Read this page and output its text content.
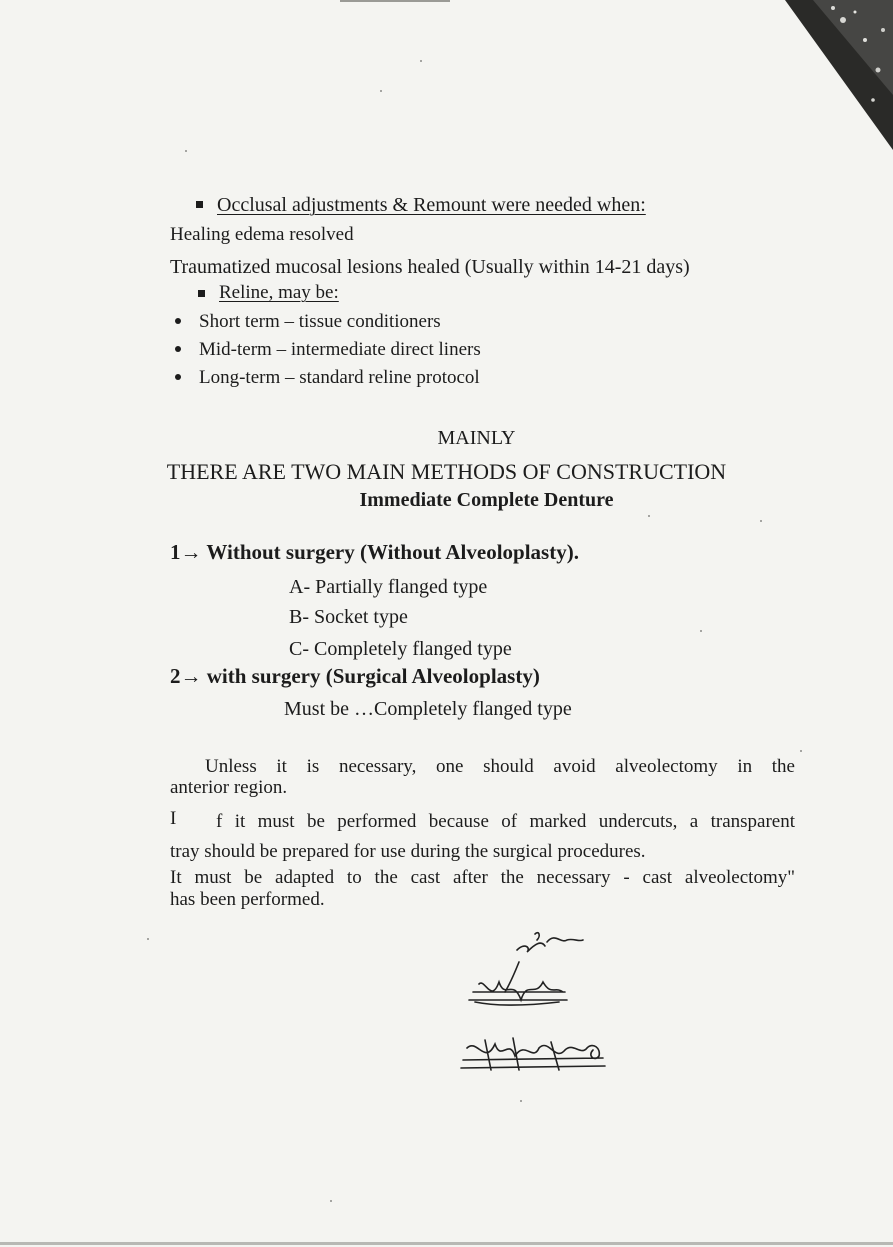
Occlusal adjustments & Remount were needed when:
Healing edema resolved
Traumatized mucosal lesions healed (Usually within 14-21 days)
Reline, may be:
Short term – tissue conditioners
Mid-term – intermediate direct liners
Long-term – standard reline protocol
MAINLY
THERE ARE TWO MAIN METHODS OF CONSTRUCTION
Immediate Complete Denture
1→ Without surgery (Without Alveoloplasty).
A- Partially flanged type
B- Socket type
C- Completely flanged type
2→ with surgery (Surgical Alveoloplasty)
Must be …Completely flanged type
Unless it is necessary, one should avoid alveolectomy in the
anterior region.
I f it must be performed because of marked undercuts, a transparent
tray should be prepared for use during the surgical procedures.
It must be adapted to the cast after the necessary - cast alveolectomy"
has been performed.
